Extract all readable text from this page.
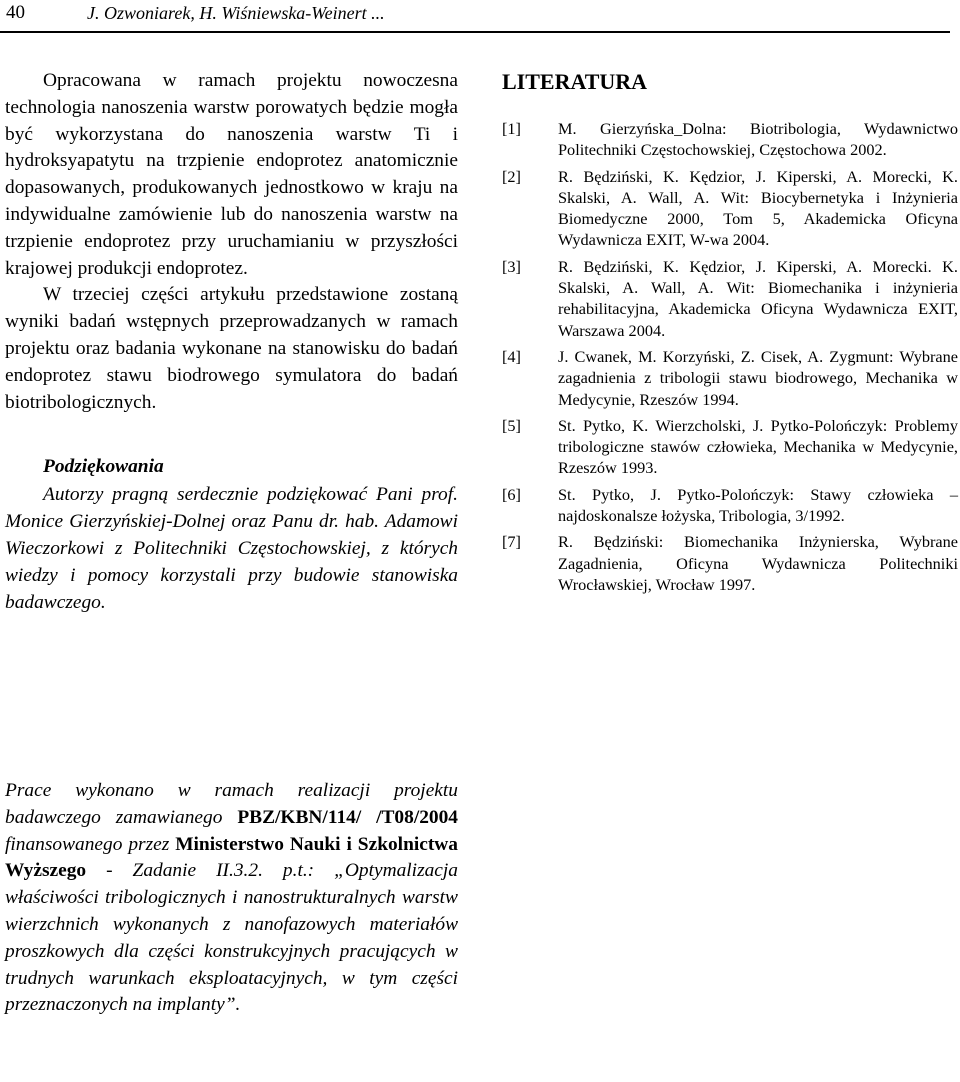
40	J. Ozwoniarek, H. Wiśniewska-Weinert ...

Opracowana w ramach projektu nowoczesna technologia nanoszenia warstw porowatych będzie mogła być wykorzystana do nanoszenia warstw Ti i hydroksyapatytu na trzpienie endoprotez anatomicznie dopasowanych, produkowanych jednostkowo w kraju na indywidualne zamówienie lub do nanoszenia warstw na trzpienie endoprotez przy uruchamianiu w przyszłości krajowej produkcji endoprotez.

W trzeciej części artykułu przedstawione zostaną wyniki badań wstępnych przeprowadzanych w ramach projektu oraz badania wykonane na stanowisku do badań endoprotez stawu biodrowego symulatora do badań biotribologicznych.

Podziękowania

Autorzy pragną serdecznie podziękować Pani prof. Monice Gierzyńskiej-Dolnej oraz Panu dr. hab. Adamowi Wieczorkowi z Politechniki Częstochowskiej, z których wiedzy i pomocy korzystali przy budowie stanowiska badawczego.

Prace wykonano w ramach realizacji projektu badawczego zamawianego PBZ/KBN/114/ /T08/2004 finansowanego przez Ministerstwo Nauki i Szkolnictwa Wyższego - Zadanie II.3.2. p.t.: „Optymalizacja właściwości tribologicznych i nanostrukturalnych warstw wierzchnich wykonanych z nanofazowych materiałów proszkowych dla części konstrukcyjnych pracujących w trudnych warunkach eksploatacyjnych, w tym części przeznaczonych na implanty”.
LITERATURA
[1] M. Gierzyńska_Dolna: Biotribologia, Wydawnictwo Politechniki Częstochowskiej, Częstochowa 2002.
[2] R. Będziński, K. Kędzior, J. Kiperski, A. Morecki, K. Skalski, A. Wall, A. Wit: Biocybernetyka i Inżynieria Biomedyczne 2000, Tom 5, Akademicka Oficyna Wydawnicza EXIT, W-wa 2004.
[3] R. Będziński, K. Kędzior, J. Kiperski, A. Morecki. K. Skalski, A. Wall, A. Wit: Biomechanika i inżynieria rehabilitacyjna, Akademicka Oficyna Wydawnicza EXIT, Warszawa 2004.
[4] J. Cwanek, M. Korzyński, Z. Cisek, A. Zygmunt: Wybrane zagadnienia z tribologii stawu biodrowego, Mechanika w Medycynie, Rzeszów 1994.
[5] St. Pytko, K. Wierzcholski, J. Pytko-Polończyk: Problemy tribologiczne stawów człowieka, Mechanika w Medycynie, Rzeszów 1993.
[6] St. Pytko, J. Pytko-Polończyk: Stawy człowieka – najdoskonalsze łożyska, Tribologia, 3/1992.
[7] R. Będziński: Biomechanika Inżynierska, Wybrane Zagadnienia, Oficyna Wydawnicza Politechniki Wrocławskiej, Wrocław 1997.
